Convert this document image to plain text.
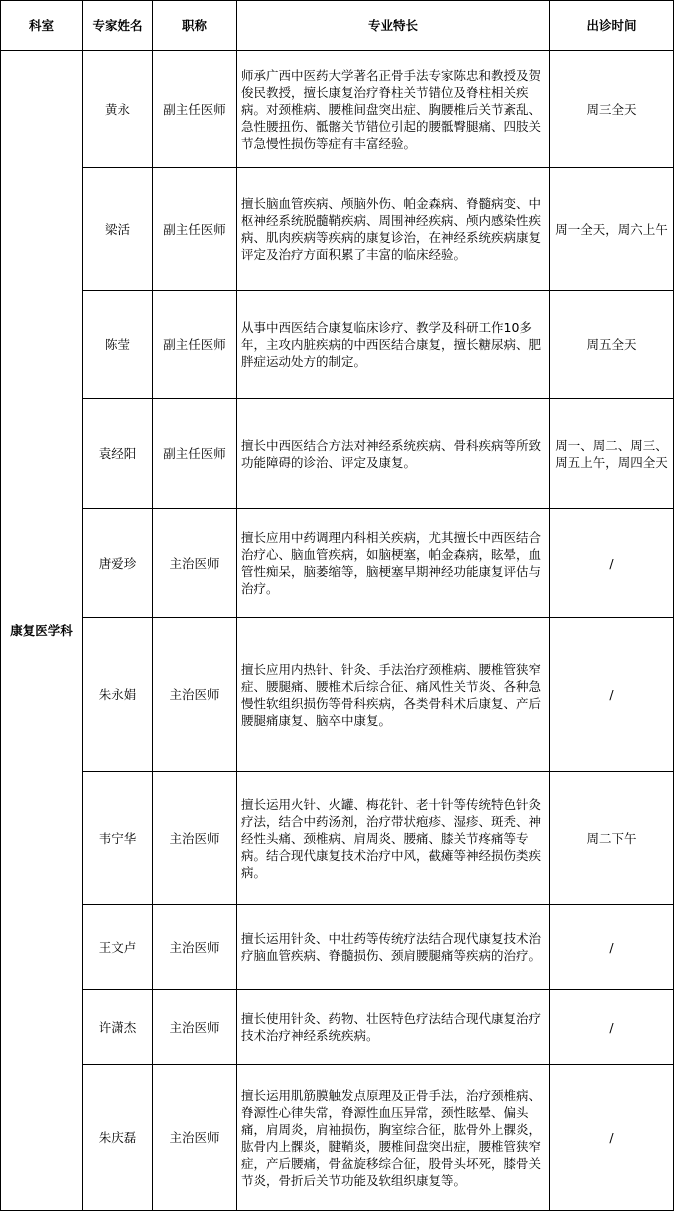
科室	专家姓名	职称	专业特长	出诊时间
康复医学科	黄永	副主任医师	师承广西中医药大学著名正骨手法专家陈忠和教授及贺俊民教授，擅长康复治疗脊柱关节错位及脊柱相关疾病。对颈椎病、腰椎间盘突出症、胸腰椎后关节紊乱、急性腰扭伤、骶髂关节错位引起的腰骶臀腿痛、四肢关节急慢性损伤等症有丰富经验。	周三全天
	梁活	副主任医师	擅长脑血管疾病、颅脑外伤、帕金森病、脊髓病变、中枢神经系统脱髓鞘疾病、周围神经疾病、颅内感染性疾病、肌肉疾病等疾病的康复诊治，在神经系统疾病康复评定及治疗方面积累了丰富的临床经验。	周一全天，周六上午
	陈莹	副主任医师	从事中西医结合康复临床诊疗、教学及科研工作10多年，主攻内脏疾病的中西医结合康复，擅长糖尿病、肥胖症运动处方的制定。	周五全天
	袁经阳	副主任医师	擅长中西医结合方法对神经系统疾病、骨科疾病等所致功能障碍的诊治、评定及康复。	周一、周二、周三、周五上午，周四全天
	唐爱珍	主治医师	擅长应用中药调理内科相关疾病，尤其擅长中西医结合治疗心、脑血管疾病，如脑梗塞，帕金森病，眩晕，血管性痴呆，脑萎缩等，脑梗塞早期神经功能康复评估与治疗。	/
	朱永娟	主治医师	擅长应用内热针、针灸、手法治疗颈椎病、腰椎管狭窄症、腰腿痛、腰椎术后综合征、痛风性关节炎、各种急慢性软组织损伤等骨科疾病，各类骨科术后康复、产后腰腿痛康复、脑卒中康复。	/
	韦宁华	主治医师	擅长运用火针、火罐、梅花针、老十针等传统特色针灸疗法，结合中药汤剂，治疗带状疱疹、湿疹、斑秃、神经性头痛、颈椎病、肩周炎、腰痛、膝关节疼痛等专病。结合现代康复技术治疗中风，截瘫等神经损伤类疾病。	周二下午
	王文卢	主治医师	擅长运用针灸、中壮药等传统疗法结合现代康复技术治疗脑血管疾病、脊髓损伤、颈肩腰腿痛等疾病的治疗。	/
	许潇杰	主治医师	擅长使用针灸、药物、壮医特色疗法结合现代康复治疗技术治疗神经系统疾病。	/
	朱庆磊	主治医师	擅长运用肌筋膜触发点原理及正骨手法，治疗颈椎病、脊源性心律失常，脊源性血压异常，颈性眩晕、偏头痛，肩周炎，肩袖损伤，胸室综合征，肱骨外上髁炎，肱骨内上髁炎，腱鞘炎，腰椎间盘突出症，腰椎管狭窄症，产后腰痛，骨盆旋移综合征，股骨头坏死，膝骨关节炎，骨折后关节功能及软组织康复等。	/
